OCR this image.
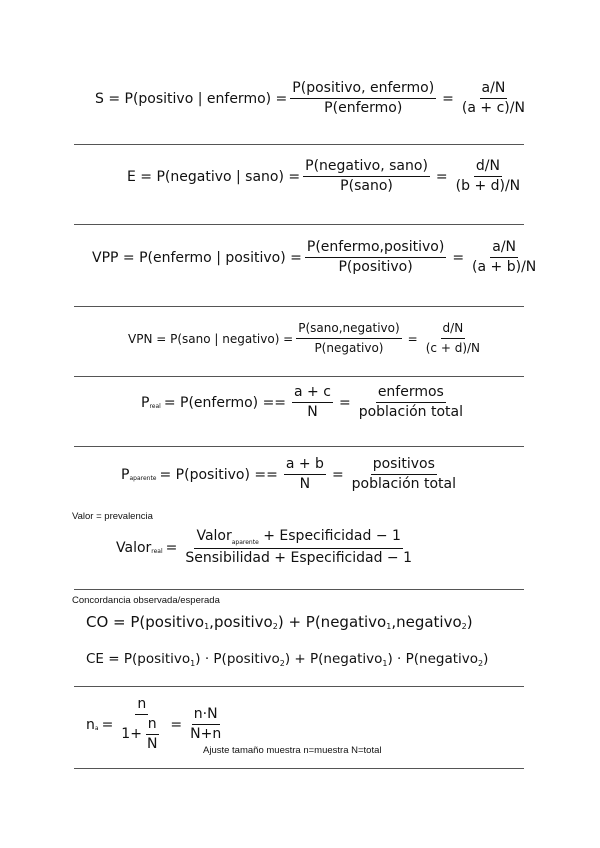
S = P(positivo | enfermo) = $\frac{\text{P(positivo, enfermo)}}{\text{P(enfermo)}} = \frac{a/N}{(a + c)/N}$
E = P(negativo | sano) = $\frac{\text{P(negativo, sano)}}{\text{P(sano)}} = \frac{d/N}{(b + d)/N}$
VPP = P(enfermo | positivo) = $\frac{\text{P(enfermo,positivo)}}{\text{P(positivo)}} = \frac{a/N}{(a + b)/N}$
VPN = P(sano | negativo) = $\frac{\text{P(sano,negativo)}}{\text{P(negativo)}} = \frac{d/N}{(c + d)/N}$
P real = P(enfermo) == $\frac{a + c}{N} = \frac{\text{enfermos}}{\text{población total}}$
P aparente = P(positivo) == $\frac{a + b}{N} = \frac{\text{positivos}}{\text{población total}}$
Valor = prevalencia
Valor real = $\frac{Valor_{aparente} + Especificidad - 1}{\text{Sensibilidad + Especificidad − 1}}$
Concordancia observada/esperada
CO = P(positivo 1 ,positivo 2 ) + P(negativo 1 ,negativo 2 )
CE = P(positivo 1 ) · P(positivo 2 ) + P(negativo 1 ) · P(negativo 2 )
n $a = \frac{n}{1+ \frac{n}{N}} = \frac{n\cdot N}{N+n}$
Ajuste tamaño muestra n=muestra N=total
